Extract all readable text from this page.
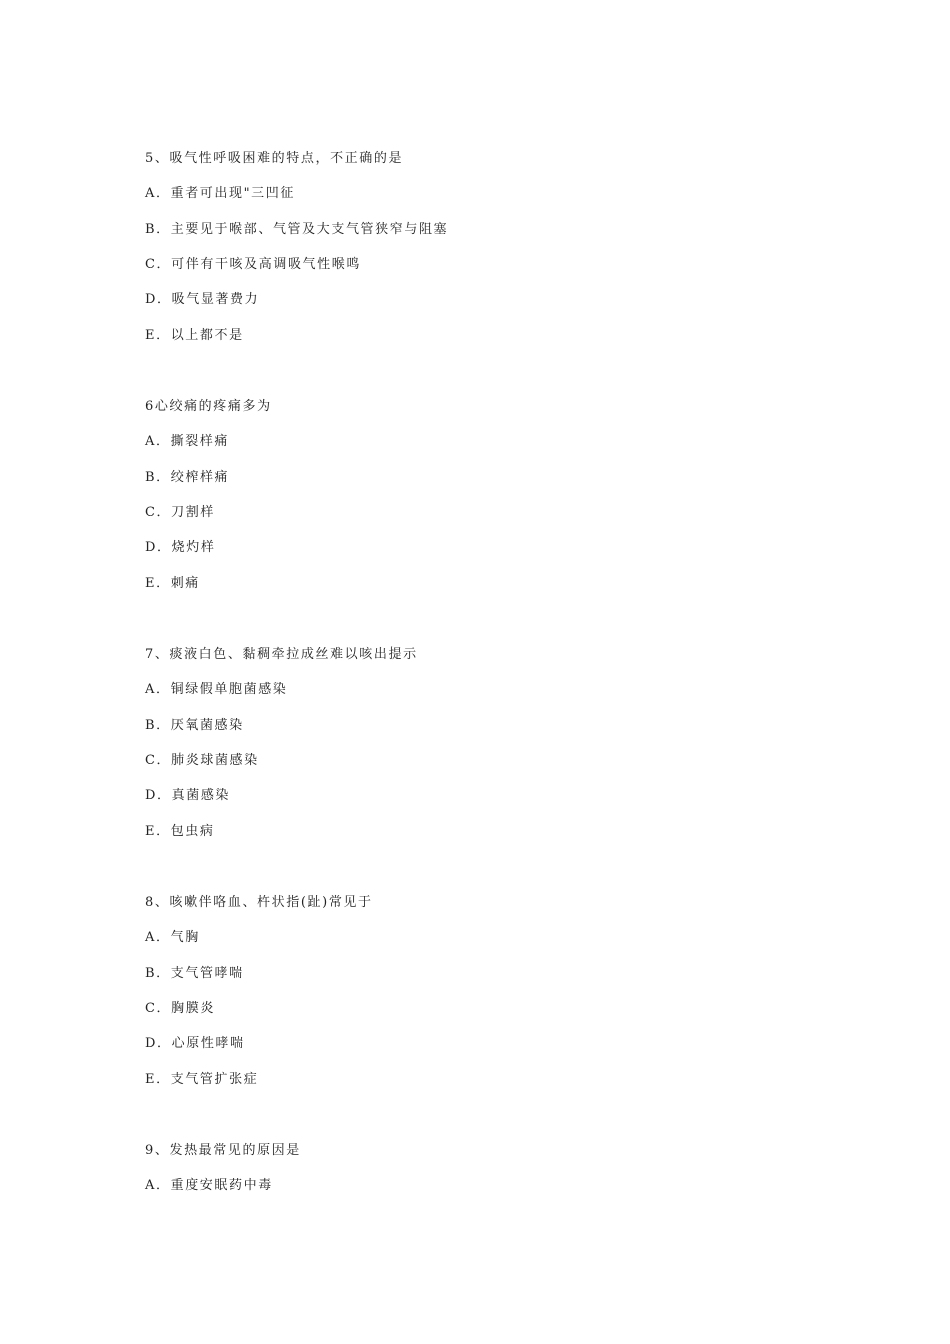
5、吸气性呼吸困难的特点，不正确的是
A．重者可出现"三凹征
B．主要见于喉部、气管及大支气管狭窄与阻塞
C．可伴有干咳及高调吸气性喉鸣
D．吸气显著费力
E．以上都不是
6心绞痛的疼痛多为
A．撕裂样痛
B．绞榨样痛
C．刀割样
D．烧灼样
E．刺痛
7、痰液白色、黏稠牵拉成丝难以咳出提示
A．铜绿假单胞菌感染
B．厌氧菌感染
C．肺炎球菌感染
D．真菌感染
E．包虫病
8、咳嗽伴咯血、杵状指(趾)常见于
A．气胸
B．支气管哮喘
C．胸膜炎
D．心原性哮喘
E．支气管扩张症
9、发热最常见的原因是
A．重度安眠药中毒
